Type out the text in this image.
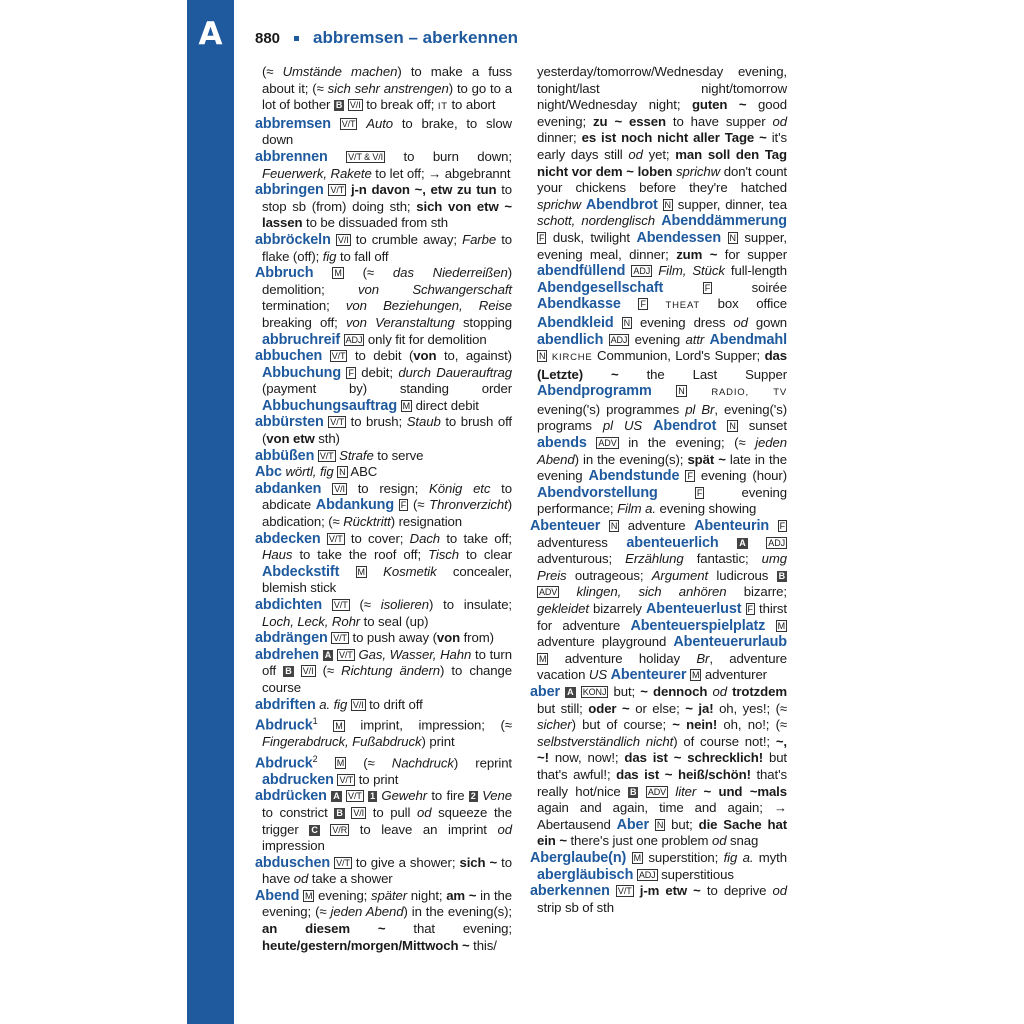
A	880 abbremsen – aberkennen

(≈ Umstände machen) to make a fuss about it; (≈ sich sehr anstrengen) to go to a lot of bother B V/I to break off; IT to abort

abbremsen V/T Auto to brake, to slow down

abbrennen V/T & V/I to burn down; Feuerwerk, Rakete to let off; → abgebrannt

abbringen V/T j-n davon ~, etw zu tun to stop sb (from) doing sth; sich von etw ~ lassen to be dissuaded from sth

abbröckeln V/I to crumble away; Farbe to flake (off); fig to fall off

Abbruch M (≈ das Niederreißen) demolition; von Schwangerschaft termination; von Beziehungen, Reise breaking off; von Veranstaltung stopping abbruchreif ADJ only fit for demolition

abbuchen V/T to debit (von to, against) Abbuchung F debit; durch Dauerauftrag (payment by) standing order Abbuchungsauftrag M direct debit

abbürsten V/T to brush; Staub to brush off (von etw sth)

abbüßen V/T Strafe to serve

Abc wörtl, fig N ABC

abdanken V/I to resign; König etc to abdicate Abdankung F (≈ Thronverzicht) abdication; (≈ Rücktritt) resignation

abdecken V/T to cover; Dach to take off; Haus to take the roof off; Tisch to clear Abdeckstift M Kosmetik concealer, blemish stick

abdichten V/T (≈ isolieren) to insulate; Loch, Leck, Rohr to seal (up)

abdrängen V/T to push away (von from)

abdrehen A V/T Gas, Wasser, Hahn to turn off B V/I (≈ Richtung ändern) to change course

abdriften a. fig V/I to drift off

Abdruck$^1$ M imprint, impression; (≈ Fingerabdruck, Fußabdruck) print

Abdruck$^2$ M (≈ Nachdruck) reprint abdrucken V/T to print

abdrücken A V/T 1 Gewehr to fire 2 Vene to constrict B V/I to pull od squeeze the trigger C V/R to leave an imprint od impression

abduschen V/T to give a shower; sich ~ to have od take a shower

Abend M evening; später night; am ~ in the evening; (≈ jeden Abend) in the evening(s); an diesem ~ that evening; heute/gestern/morgen/Mittwoch ~ this/

yesterday/tomorrow/Wednesday evening, tonight/last night/tomorrow night/Wednesday night; guten ~ good evening; zu ~ essen to have supper od dinner; es ist noch nicht aller Tage ~ it's early days still od yet; man soll den Tag nicht vor dem ~ loben sprichw don't count your chickens before they're hatched sprichw Abendbrot N supper, dinner, tea schott, nordenglisch Abenddämmerung F dusk, twilight Abendessen N supper, evening meal, dinner; zum ~ for supper abendfüllend ADJ Film, Stück full-length Abendgesellschaft	F soirée Abendkasse F THEAT box office Abendkleid N evening dress od gown abendlich ADJ evening attr Abendmahl N KIRCHE Communion, Lord's Supper; das (Letzte) ~ the Last Supper Abendprogramm	N	RADIO, TV evening('s) programmes pl Br, evening('s) programs pl US Abendrot N sunset abends ADV in the evening; (≈ jeden Abend) in the evening(s); spät ~ late in the evening Abendstunde F evening (hour) Abendvorstellung	F evening performance; Film a. evening showing

Abenteuer N adventure Abenteurin F adventuress abenteuerlich A	ADJ adventurous; Erzählung fantastic; umg Preis outrageous; Argument ludicrous B ADV klingen, sich anhören bizarre; gekleidet bizarrely Abenteuerlust F thirst for adventure Abenteuerspielplatz M adventure playground Abenteuerurlaub M adventure holiday Br, adventure vacation US Abenteurer M adventurer

aber A KONJ but; ~ dennoch od trotzdem but still; oder ~ or else; ~ ja! oh, yes!; (≈ sicher) but of course; ~ nein! oh, no!; (≈ selbstverständlich nicht) of course not!; ~, ~! now, now!; das ist ~ schrecklich! but that's awful!; das ist ~ heiß/schön! that's really hot/nice B ADV liter ~ und ~mals again and again, time and again; → Abertausend Aber N but; die Sache hat ein ~ there's just one problem od snag

Aberglaube(n) M superstition; fig a. myth abergläubisch ADJ superstitious

aberkennen V/T j-m etw ~ to deprive od strip sb of sth
